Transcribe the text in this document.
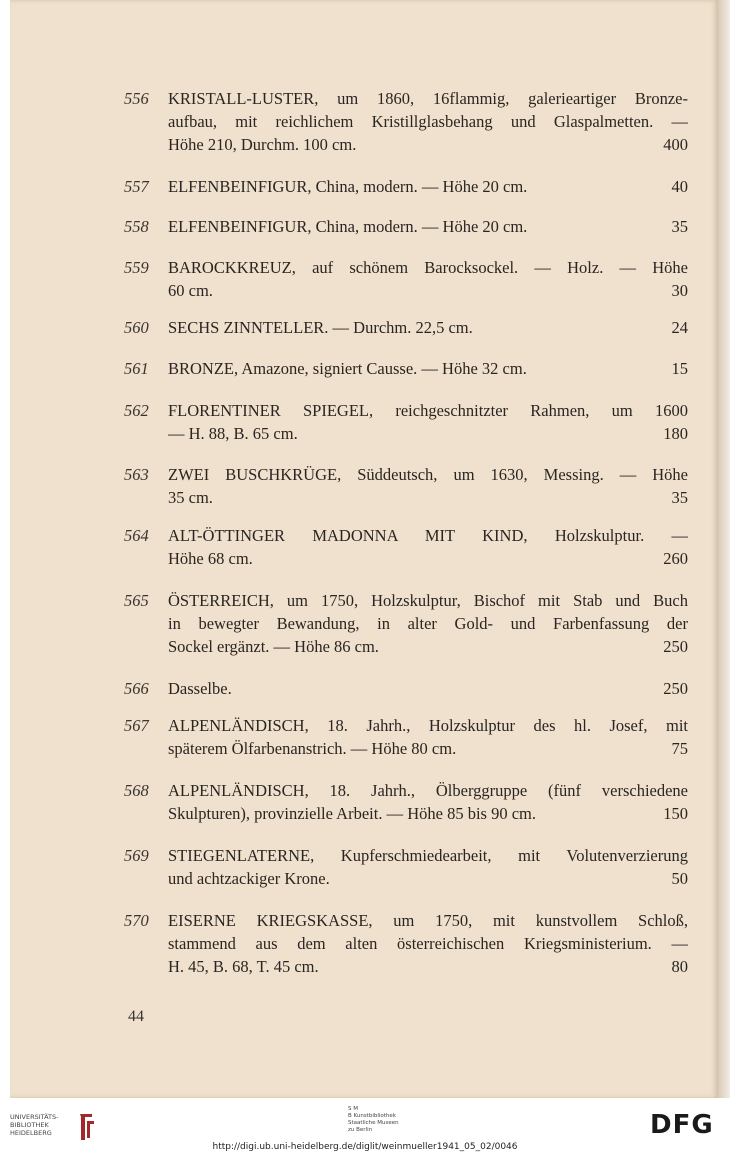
556	KRISTALL-LUSTER, um 1860, 16flammig, galerieartiger Bronze-
aufbau, mit reichlichem Kristillglasbehang und Glaspalmetten. —
Höhe 210, Durchm. 100 cm.	400
557	ELFENBEINFIGUR, China, modern. — Höhe 20 cm.	40
558	ELFENBEINFIGUR, China, modern. — Höhe 20 cm.	35
559	BAROCKKREUZ, auf schönem Barocksockel. — Holz. — Höhe
60 cm.	30
560	SECHS ZINNTELLER. — Durchm. 22,5 cm.	24
561	BRONZE, Amazone, signiert Causse. — Höhe 32 cm.	15
562	FLORENTINER SPIEGEL, reichgeschnitzter Rahmen, um 1600
— H. 88, B. 65 cm.	180
563	ZWEI BUSCHKRÜGE, Süddeutsch, um 1630, Messing. — Höhe
35 cm.	35
564	ALT-ÖTTINGER MADONNA MIT KIND, Holzskulptur. —
Höhe 68 cm.	260
565	ÖSTERREICH, um 1750, Holzskulptur, Bischof mit Stab und Buch
in bewegter Bewandung, in alter Gold- und Farbenfassung der
Sockel ergänzt. — Höhe 86 cm.	250
566	Dasselbe.	250
567	ALPENLÄNDISCH, 18. Jahrh., Holzskulptur des hl. Josef, mit
späterem Ölfarbenanstrich. — Höhe 80 cm.	75
568	ALPENLÄNDISCH, 18. Jahrh., Ölberggruppe (fünf verschiedene
Skulpturen), provinzielle Arbeit. — Höhe 85 bis 90 cm.	150
569	STIEGENLATERNE, Kupferschmiedearbeit, mit Volutenverzierung
und achtzackiger Krone.	50
570	EISERNE KRIEGSKASSE, um 1750, mit kunstvollem Schloß,
stammend aus dem alten österreichischen Kriegsministerium. —
H. 45, B. 68, T. 45 cm.	80
44
UNIVERSITÄTS-
BIBLIOTHEK
HEIDELBERG
S M
B Kunstbibliothek
Staatliche Museen
zu Berlin	DFG
http://digi.ub.uni-heidelberg.de/diglit/weinmueller1941_05_02/0046
